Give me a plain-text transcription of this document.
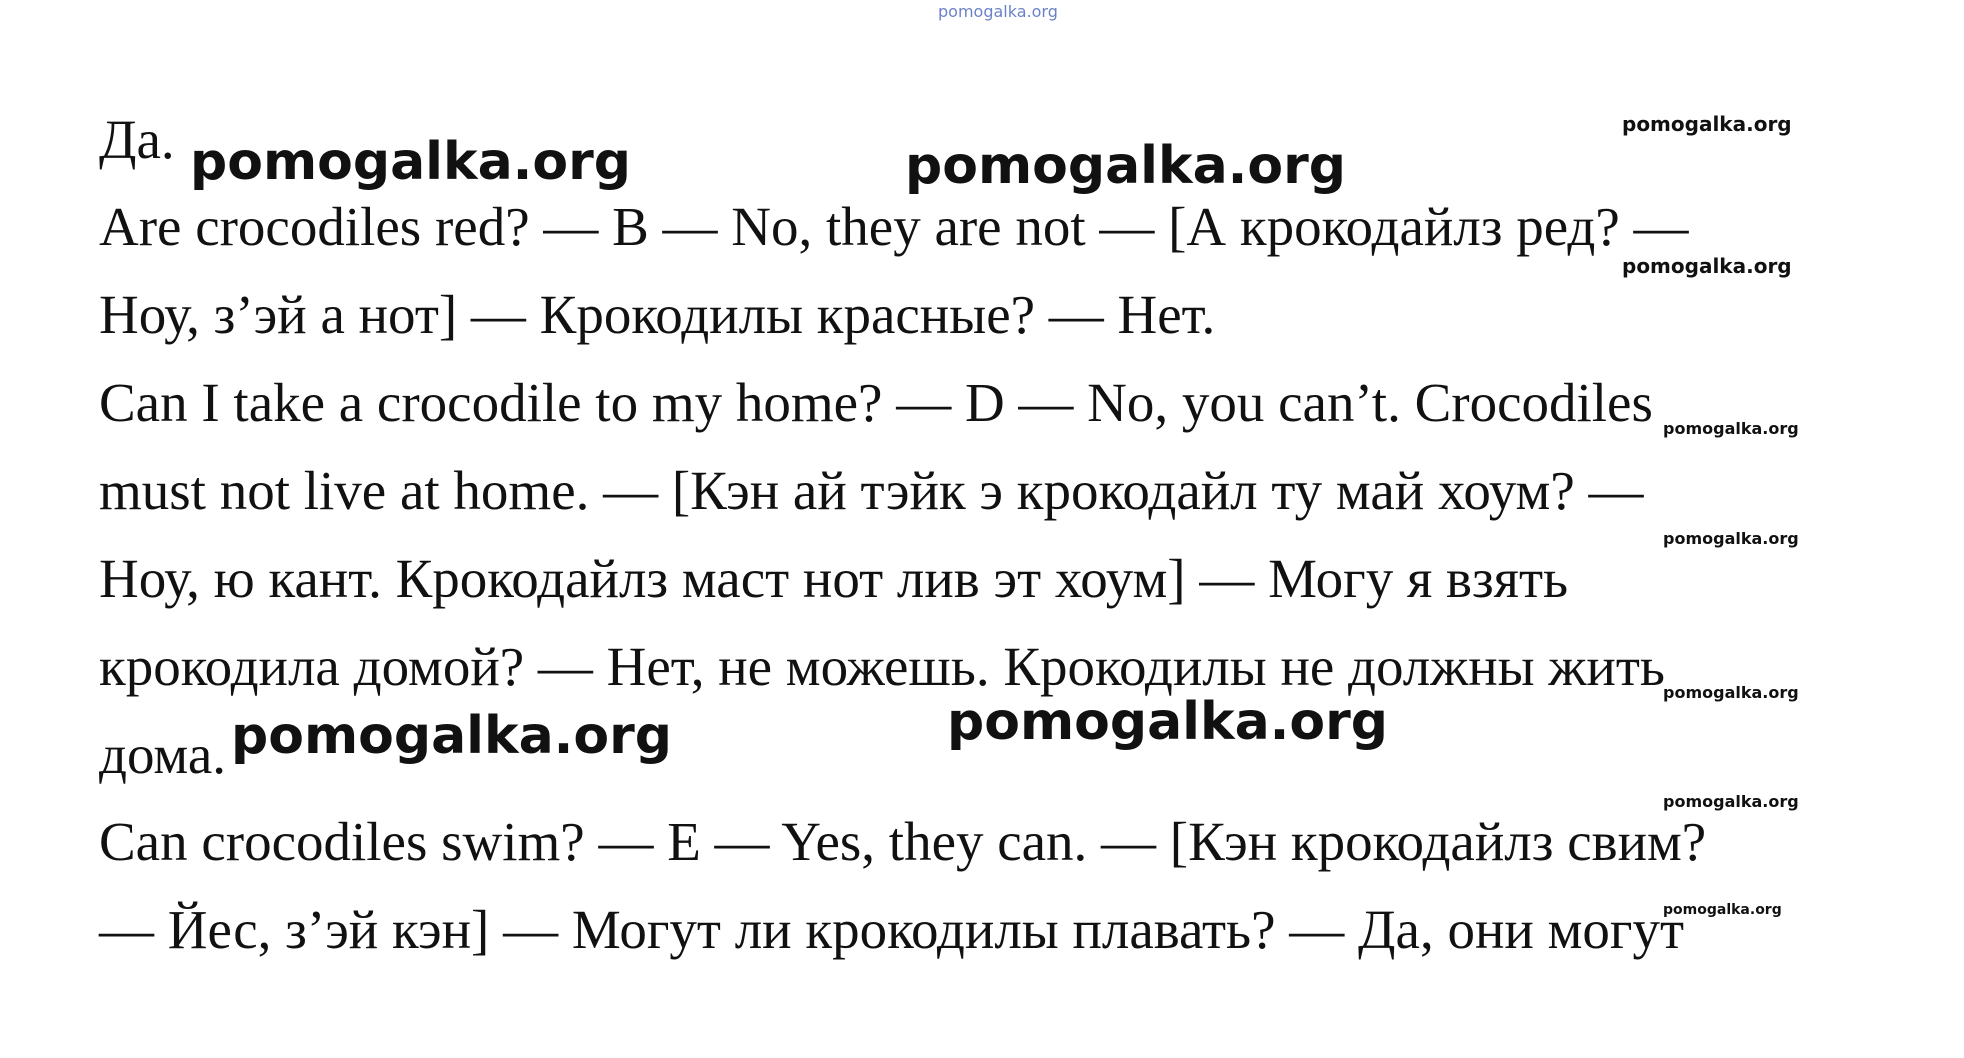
pomogalka.org
Да.
Are crocodiles red? — B — No, they are not — [А крокодайлз ред? —
Ноу, з’эй а нот] — Крокодилы красные? — Нет.
Can I take a crocodile to my home? — D — No, you can’t. Crocodiles
must not live at home. — [Кэн ай тэйк э крокодайл ту май хоум? —
Ноу, ю кант. Крокодайлз маст нот лив эт хоум] — Могу я взять
крокодила домой? — Нет, не можешь. Крокодилы не должны жить
дома.
Can crocodiles swim? — E — Yes, they can. — [Кэн крокодайлз свим?
— Йес, з’эй кэн] — Могут ли крокодилы плавать? — Да, они могут
pomogalka.org	pomogalka.org
pomogalka.org	pomogalka.org
pomogalka.org
pomogalka.org
pomogalka.org
pomogalka.org
pomogalka.org
pomogalka.org
pomogalka.org
